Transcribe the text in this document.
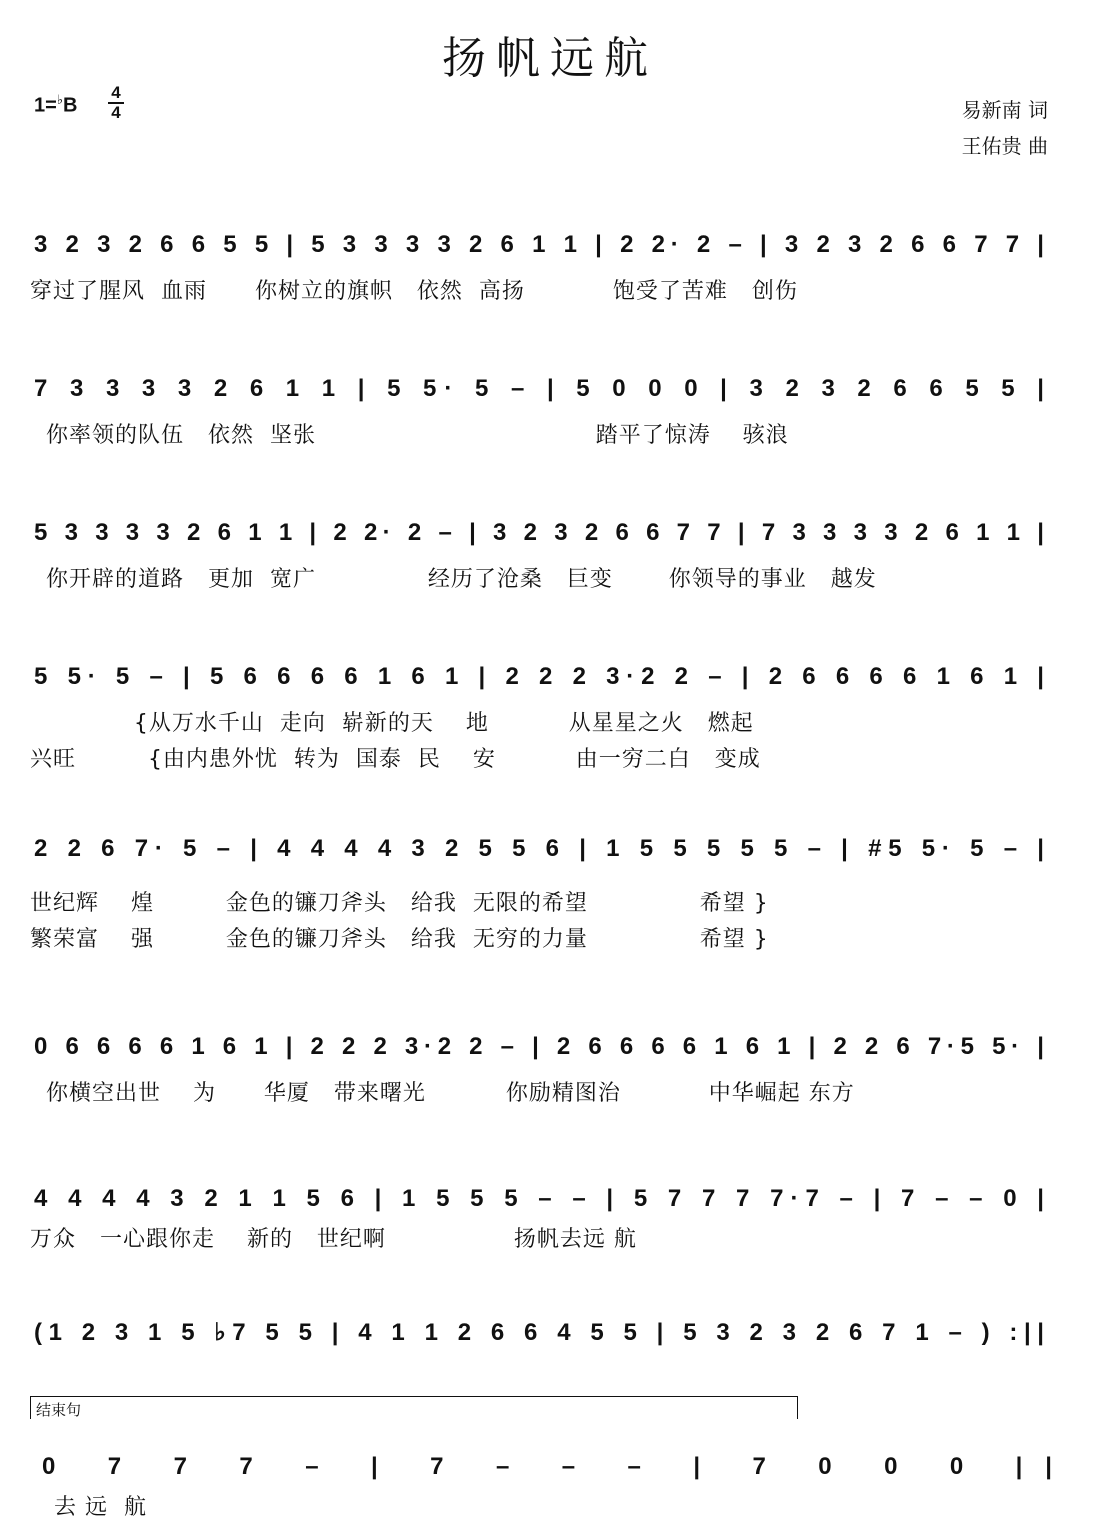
扬帆远航
1=♭B
4
4	易新南 词
王佑贵 曲
3 2 3 2 6 6 5 5 | 5 3 3 3 3 2 6 1 1 | 2 2· 2 – | 3 2 3 2 6 6 7 7 |
穿过了腥风  血雨      你树立的旗帜   依然  高扬           饱受了苦难   创伤
7 3 3 3 3 2 6 1 1 | 5 5· 5 – | 5 0 0 0 | 3 2 3 2 6 6 5 5 |
你率领的队伍   依然  坚张                                   踏平了惊涛    骇浪
5 3 3 3 3 2 6 1 1 | 2 2· 2 – | 3 2 3 2 6 6 7 7 | 7 3 3 3 3 2 6 1 1 |
你开辟的道路   更加  宽广              经历了沧桑   巨变       你领导的事业   越发
5 5· 5 – | 5 6 6 6 6 1 6 1 | 2 2 2 3·2 2 – | 2 6 6 6 6 1 6 1 |
{从万水千山  走向  崭新的天    地          从星星之火   燃起
兴旺         {由内患外忧  转为  国泰  民    安          由一穷二白   变成
2 2 6 7· 5 – | 4 4 4 4 3 2 5 5 6 | 1 5 5 5 5 5 – | #5 5· 5 – |
世纪辉    煌         金色的镰刀斧头   给我  无限的希望              希望 }
繁荣富    强         金色的镰刀斧头   给我  无穷的力量              希望 }
0 6 6 6 6 1 6 1 | 2 2 2 3·2 2 – | 2 6 6 6 6 1 6 1 | 2 2 6 7·5 5· |
你横空出世    为      华厦   带来曙光          你励精图治           中华崛起 东方
4 4 4 4 3 2 1 1 5 6 | 1 5 5 5 – – | 5 7 7 7 7·7 – | 7 – – 0 |
万众   一心跟你走    新的   世纪啊                扬帆去远 航
(1 2 3 1 5 ♭7 5 5 | 4 1 1 2 6 6 4 5 5 | 5 3 2 3 2 6 7 1 – ) :||
结束句
0 7 7 7 – | 7 – – – | 7 0 0 0 ||
去 远  航
